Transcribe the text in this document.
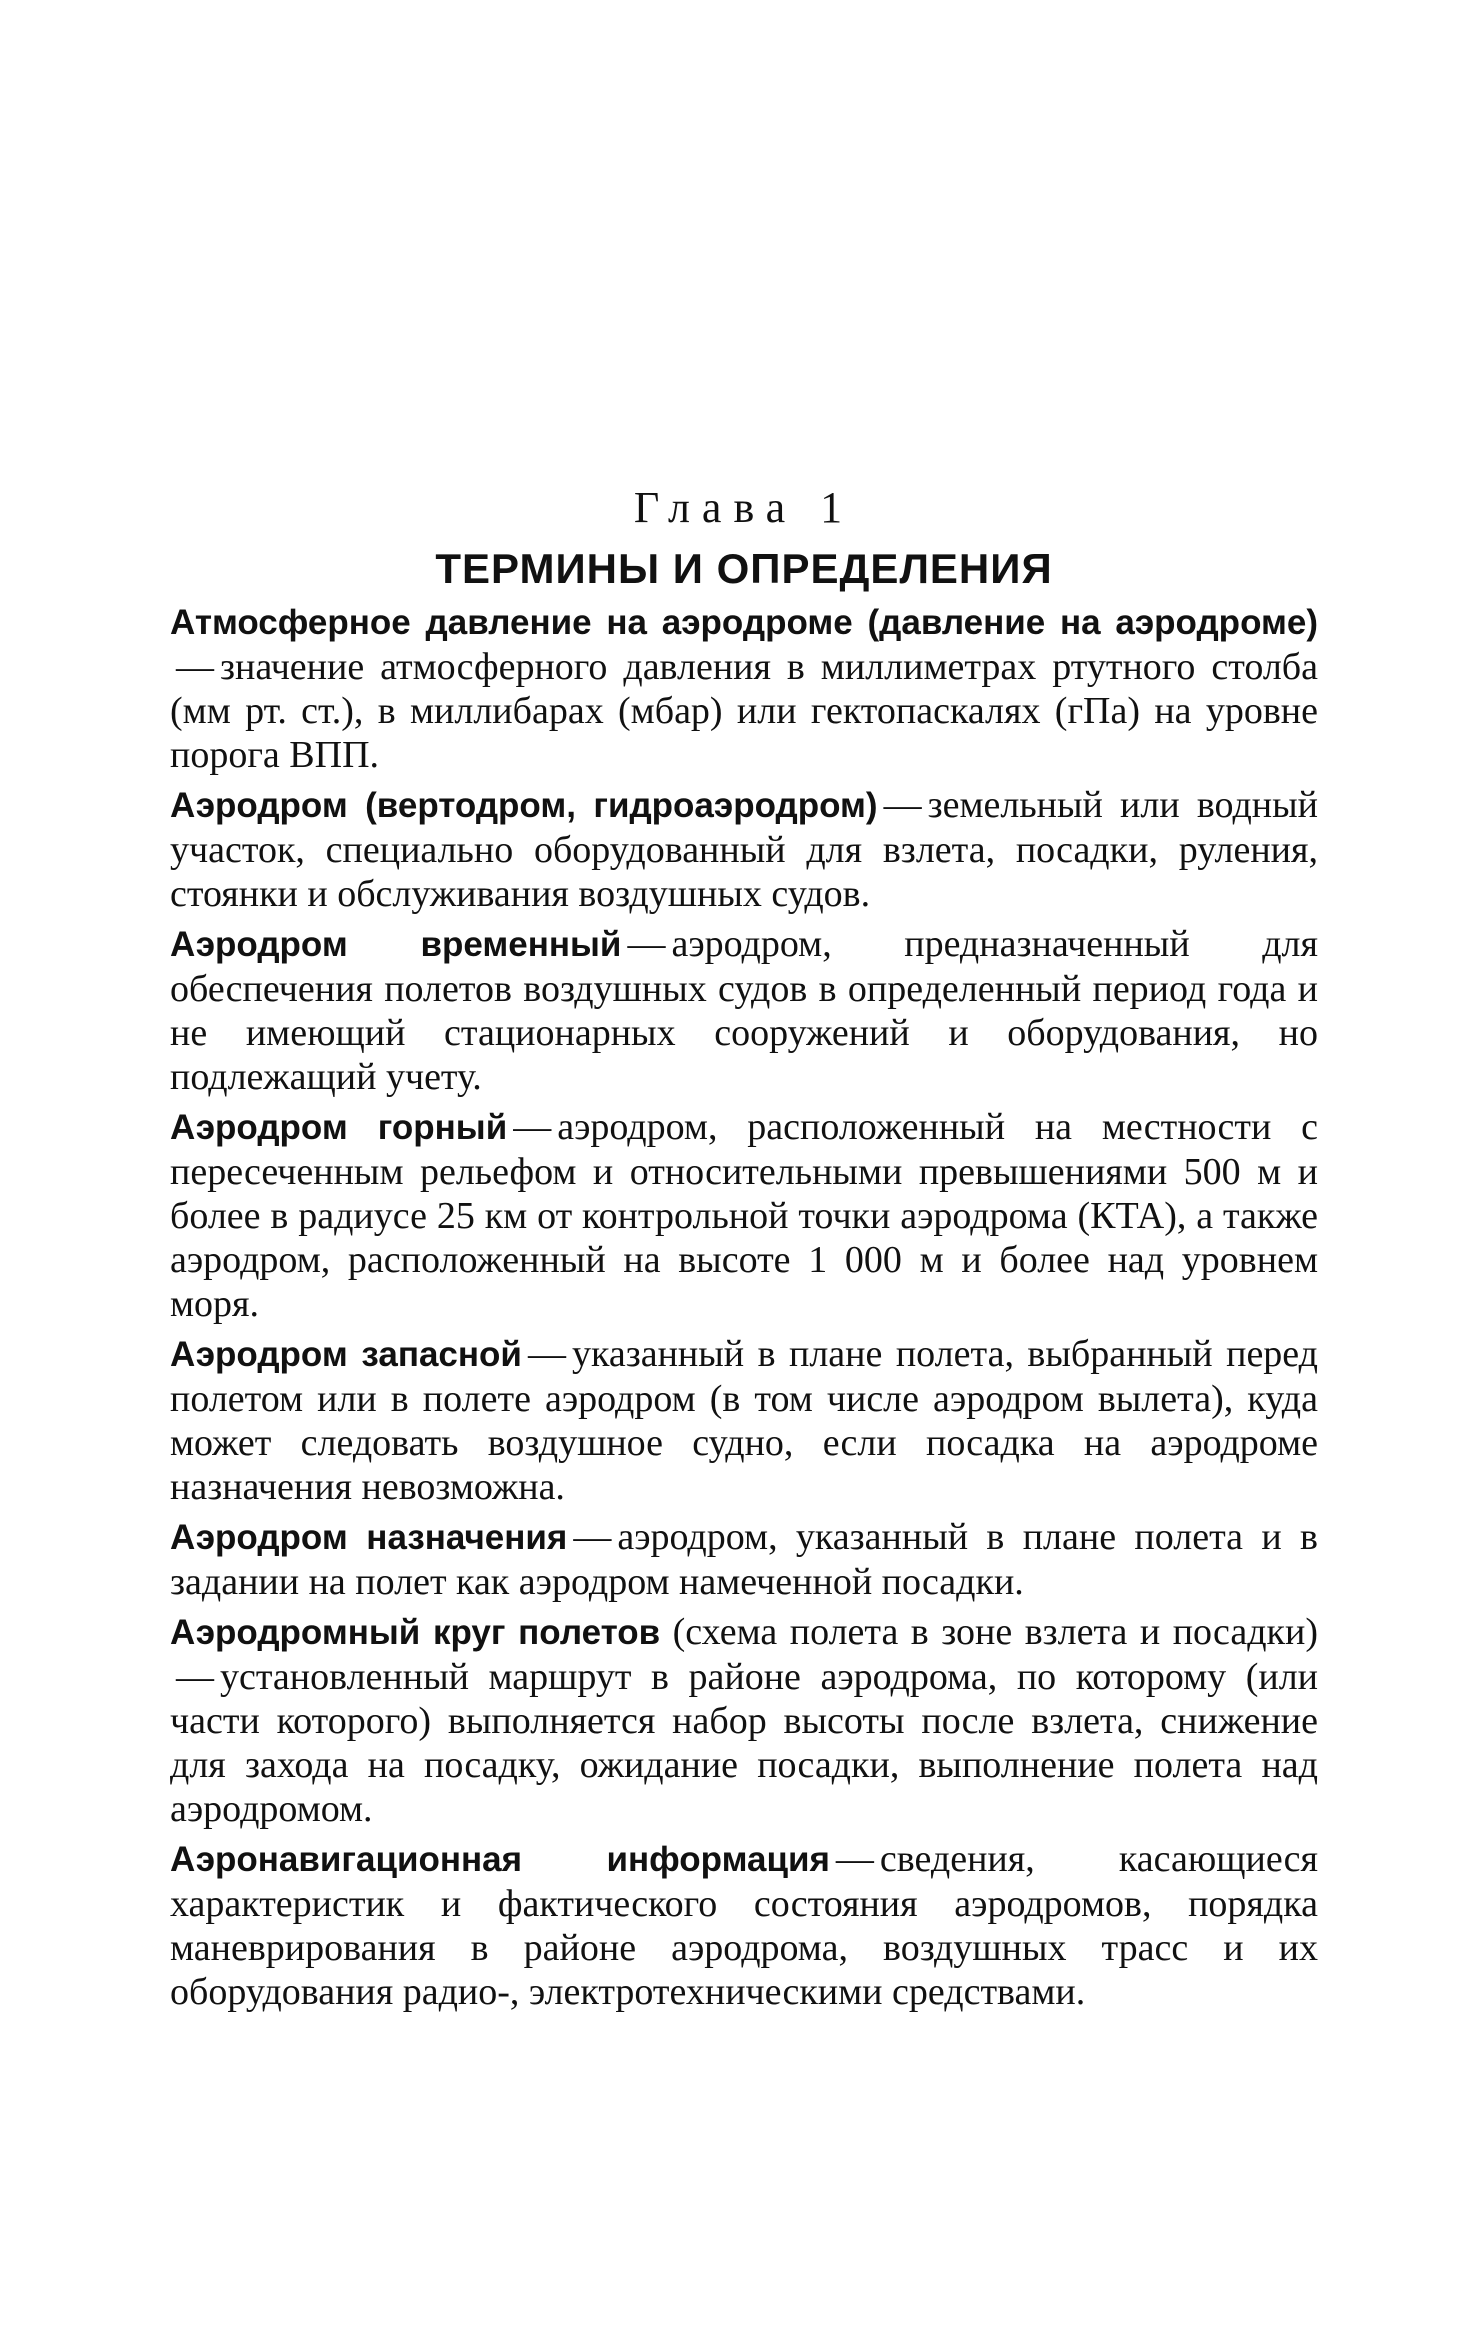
Глава 1
ТЕРМИНЫ И ОПРЕДЕЛЕНИЯ

Атмосферное давление на аэродроме (давление на аэродроме)— значение атмосферного давления в миллиметрах ртутного столба (мм рт. ст.), в миллибарах (мбар) или гектопаскалях (гПа) на уровне порога ВПП.

Аэродром (вертодром, гидроаэродром) — земельный или водный участок, специально оборудованный для взлета, посадки, руления, стоянки и обслуживания воздушных судов.

Аэродром временный — аэродром, предназначенный для обеспечения полетов воздушных судов в определенный период года и не имеющий стационарных сооружений и оборудования, но подлежащий учету.

Аэродром горный — аэродром, расположенный на местности с пересеченным рельефом и относительными превышениями 500 м и более в радиусе 25 км от контрольной точки аэродрома (КТА), а также аэродром, расположенный на высоте 1 000 м и более над уровнем моря.

Аэродром запасной — указанный в плане полета, выбранный перед полетом или в полете аэродром (в том числе аэродром вылета), куда может следовать воздушное судно, если посадка на аэродроме назначения невозможна.

Аэродром назначения — аэродром, указанный в плане полета и в задании на полет как аэродром намеченной посадки.

Аэродромный круг полетов (схема полета в зоне взлета и посадки)— установленный маршрут в районе аэродрома, по которому (или части которого) выполняется набор высоты после взлета, снижение для захода на посадку, ожидание посадки, выполнение полета над аэродромом.

Аэронавигационная информация — сведения, касающиеся характеристик и фактического состояния аэродромов, порядка маневрирования в районе аэродрома, воздушных трасс и их оборудования радио-, электротехническими средствами.
